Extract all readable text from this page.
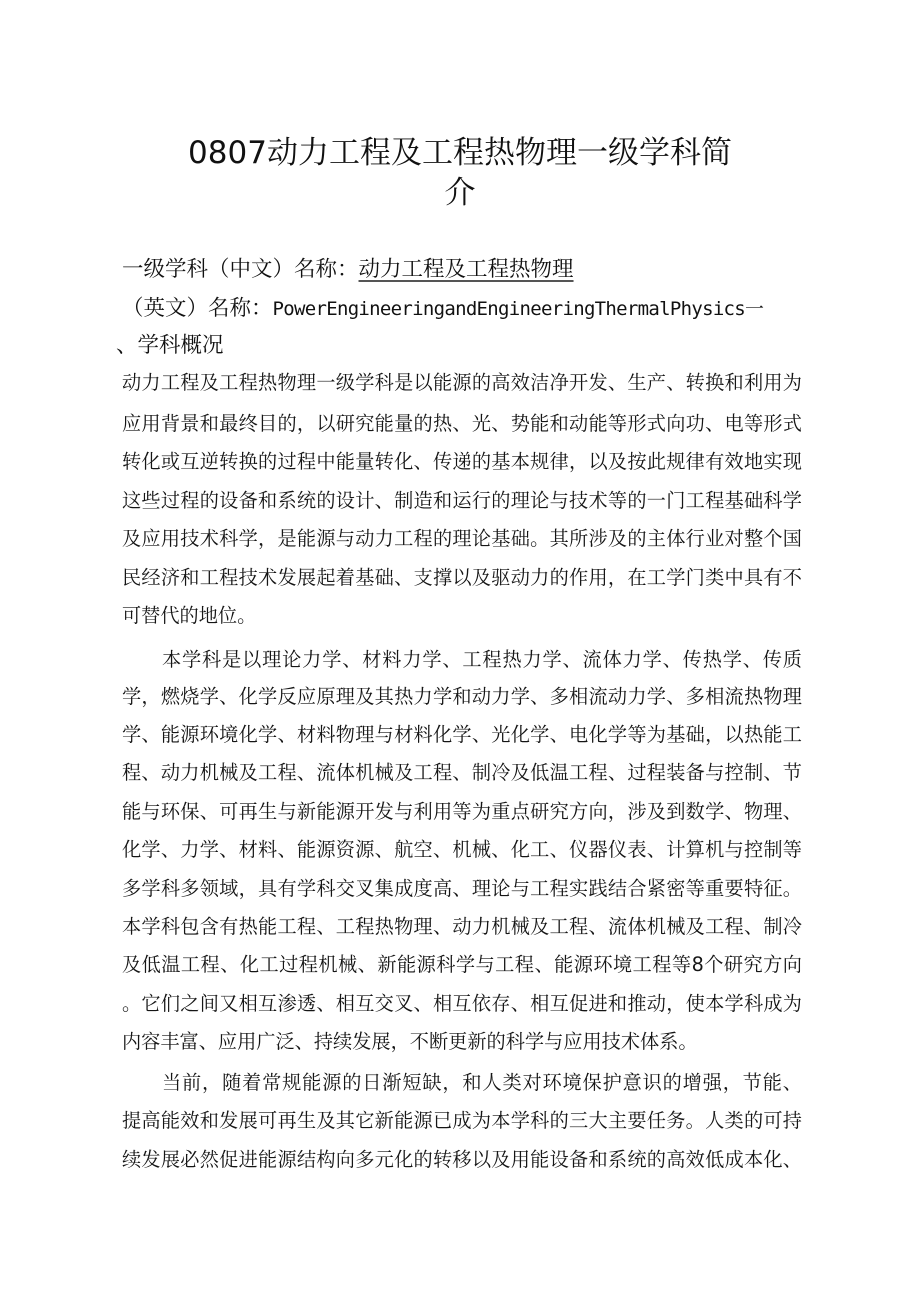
0807动力工程及工程热物理一级学科简
介
一级学科（中文）名称：动力工程及工程热物理
（英文）名称：PowerEngineeringandEngineeringThermalPhysics一
、学科概况
动力工程及工程热物理一级学科是以能源的高效洁净开发、生产、转换和利用为
应用背景和最终目的，以研究能量的热、光、势能和动能等形式向功、电等形式
转化或互逆转换的过程中能量转化、传递的基本规律，以及按此规律有效地实现
这些过程的设备和系统的设计、制造和运行的理论与技术等的一门工程基础科学
及应用技术科学，是能源与动力工程的理论基础。其所涉及的主体行业对整个国
民经济和工程技术发展起着基础、支撑以及驱动力的作用，在工学门类中具有不
可替代的地位。
本学科是以理论力学、材料力学、工程热力学、流体力学、传热学、传质
学，燃烧学、化学反应原理及其热力学和动力学、多相流动力学、多相流热物理
学、能源环境化学、材料物理与材料化学、光化学、电化学等为基础，以热能工
程、动力机械及工程、流体机械及工程、制冷及低温工程、过程装备与控制、节
能与环保、可再生与新能源开发与利用等为重点研究方向，涉及到数学、物理、
化学、力学、材料、能源资源、航空、机械、化工、仪器仪表、计算机与控制等
多学科多领域，具有学科交叉集成度高、理论与工程实践结合紧密等重要特征。
本学科包含有热能工程、工程热物理、动力机械及工程、流体机械及工程、制冷
及低温工程、化工过程机械、新能源科学与工程、能源环境工程等8个研究方向
。它们之间又相互渗透、相互交叉、相互依存、相互促进和推动，使本学科成为
内容丰富、应用广泛、持续发展，不断更新的科学与应用技术体系。
当前，随着常规能源的日渐短缺，和人类对环境保护意识的增强，节能、
提高能效和发展可再生及其它新能源已成为本学科的三大主要任务。人类的可持
续发展必然促进能源结构向多元化的转移以及用能设备和系统的高效低成本化、
